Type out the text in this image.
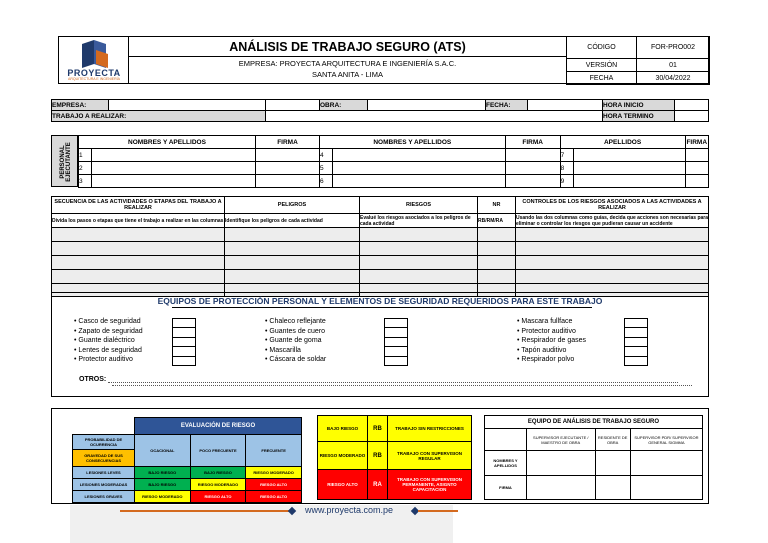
PROYECTA
ARQUITECTURA E INGENIERÍA
ANÁLISIS DE TRABAJO SEGURO (ATS)
EMPRESA: PROYECTA ARQUITECTURA E INGENIERÍA S.A.C.
SANTA ANITA - LIMA
CÓDIGO	FOR-PRO002
VERSIÓN	01
FECHA	30/04/2022
EMPRESA:			OBRA:		FECHA:		HORA INICIO	
TRABAJO A REALIZAR:							HORA TERMINO	
PERSONAL EJECUTANTE
NOMBRES Y APELLIDOS		FIRMA	NOMBRES Y APELLIDOS		FIRMA	APELLIDOS		FIRMA
1			4			7		
2			5			8		
3			6			9		
SECUENCIA DE LAS ACTIVIDADES O ETAPAS DEL TRABAJO A REALIZAR	PELIGROS	RIESGOS	NR	CONTROLES DE LOS RIESGOS ASOCIADOS A LAS ACTIVIDADES A REALIZAR
Divida los pasos o etapas que tiene el trabajo a realizar en las columnas	Identifique los peligros de cada actividad	Evalué los riesgos asociados a los peligros de cada actividad	RB/RM/RA	Usando las dos columnas como guías, decida que acciones son necesarias para eliminar o controlar los riesgos que pudieran causar un accidente

EQUIPOS DE PROTECCIÓN PERSONAL Y ELEMENTOS DE SEGURIDAD REQUERIDOS PARA ESTE TRABAJO
• Casco de seguridad
• Zapato de seguridad
• Guante dialéctrico
• Lentes de seguridad
• Protector auditivo

• Chaleco reflejante
• Guantes de cuero
• Guante de goma
• Mascarilla
• Cáscara de soldar

• Mascara fullface
• Protector auditivo
• Respirador de gases
• Tapón auditivo
• Respirador polvo

OTROS:
	EVALUACIÓN DE RIESGO		
PROBABILIDAD DE OCURRENCIA	OCACIONAL	POCO FRECUENTE	FRECUENTE
GRAVEDAD DE SUS CONSECUENCIAS			
LESIONES LEVES	BAJO RIESGO	BAJO RIESGO	RIESGO MODERADO
LESIONES MODERADAS	BAJO RIESGO	RIESGO MODERADO	RIESGO ALTO
LESIONES GRAVES	RIESGO MODERADO	RIESGO ALTO	RIESGO ALTO
BAJO RIESGO	RB	TRABAJO SIN RESTRICCIONES
RIESGO MODERADO	RB	TRABAJO CON SUPERVISION REGULAR
RIESGO ALTO	RA	TRABAJO CON SUPERVISION PERMANENTE, ASIGNTO CAPACITACION
EQUIPO DE ANÁLISIS DE TRABAJO SEGURO			
	SUPERVISOR EJECUTANTE / MAESTRO DE OBRA	RESIDENTE DE OBRA	SUPERVISOR PDR/ SUPERVISOR GENERAL SIGMMA
NOMBRES Y APELLIDOS			
FIRMA			
www.proyecta.com.pe
